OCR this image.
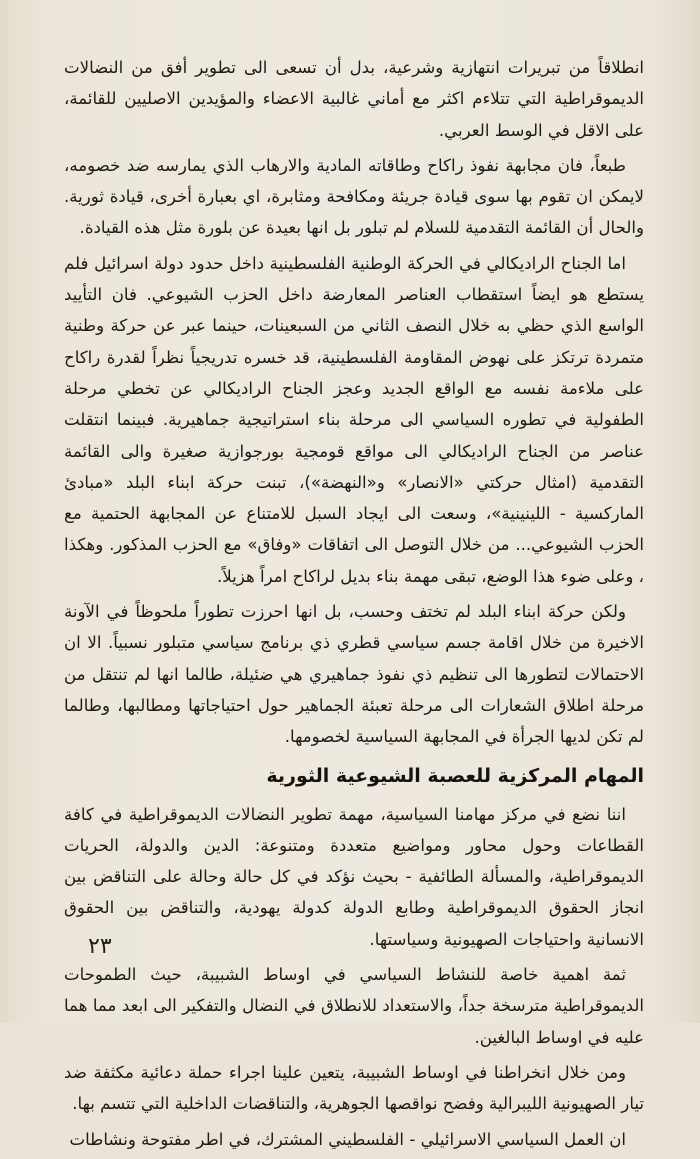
انطلاقاً من تبريرات انتهازية وشرعية، بدل أن تسعى الى تطوير أفق من النضالات الديموقراطية التي تتلاءم اكثر مع أماني غالبية الاعضاء والمؤيدين الاصليين للقائمة، على الاقل في الوسط العربي.

طبعاً، فان مجابهة نفوذ راكاح وطاقاته المادية والارهاب الذي يمارسه ضد خصومه، لايمكن ان تقوم بها سوى قيادة جريئة ومكافحة ومثابرة، اي بعبارة أخرى، قيادة ثورية. والحال أن القائمة التقدمية للسلام لم تبلور بل انها بعيدة عن بلورة مثل هذه القيادة.

اما الجناح الراديكالي في الحركة الوطنية الفلسطينية داخل حدود دولة اسرائيل فلم يستطع هو ايضاً استقطاب العناصر المعارضة داخل الحزب الشيوعي. فان التأييد الواسع الذي حظي به خلال النصف الثاني من السبعينات، حينما عبر عن حركة وطنية متمردة ترتكز على نهوض المقاومة الفلسطينية، قد خسره تدريجياً نظراً لقدرة راكاح على ملاءمة نفسه مع الواقع الجديد وعجز الجناح الراديكالي عن تخطي مرحلة الطفولية في تطوره السياسي الى مرحلة بناء استراتيجية جماهيرية. فبينما انتقلت عناصر من الجناح الراديكالي الى مواقع قومجية بورجوازية صغيرة والى القائمة التقدمية (امثال حركتي «الانصار» و«النهضة»)، تبنت حركة ابناء البلد «مبادئ الماركسية - اللينينية»، وسعت الى ايجاد السبل للامتناع عن المجابهة الحتمية مع الحزب الشيوعي... من خلال التوصل الى اتفاقات «وفاق» مع الحزب المذكور. وهكذا ، وعلى ضوء هذا الوضع، تبقى مهمة بناء بديل لراكاح امراً هزيلاً.

ولكن حركة ابناء البلد لم تختف وحسب، بل انها احرزت تطوراً ملحوظاً في الآونة الاخيرة من خلال اقامة جسم سياسي قطري ذي برنامج سياسي متبلور نسبياً. الا ان الاحتمالات لتطورها الى تنظيم ذي نفوذ جماهيري هي ضئيلة، طالما انها لم تنتقل من مرحلة اطلاق الشعارات الى مرحلة تعبئة الجماهير حول احتياجاتها ومطالبها، وطالما لم تكن لديها الجرأة في المجابهة السياسية لخصومها.

المهام المركزية للعصبة الشيوعية الثورية

اننا نضع في مركز مهامنا السياسية، مهمة تطوير النضالات الديموقراطية في كافة القطاعات وحول محاور ومواضيع متعددة ومتنوعة: الدين والدولة، الحريات الديموقراطية، والمسألة الطائفية - بحيث نؤكد في كل حالة وحالة على التناقض بين انجاز الحقوق الديموقراطية وطابع الدولة كدولة يهودية، والتناقض بين الحقوق الانسانية واحتياجات الصهيونية وسياستها.

ثمة اهمية خاصة للنشاط السياسي في اوساط الشبيبة، حيث الطموحات الديموقراطية مترسخة جداً، والاستعداد للانطلاق في النضال والتفكير الى ابعد مما هما عليه في اوساط البالغين.

ومن خلال انخراطنا في اوساط الشبيبة، يتعين علينا اجراء حملة دعائية مكثفة ضد تيار الصهيونية الليبرالية وفضح نواقصها الجوهرية، والتناقضات الداخلية التي تتسم بها.

ان العمل السياسي الاسرائيلي - الفلسطيني المشترك، في اطر مفتوحة ونشاطات

٢٣
